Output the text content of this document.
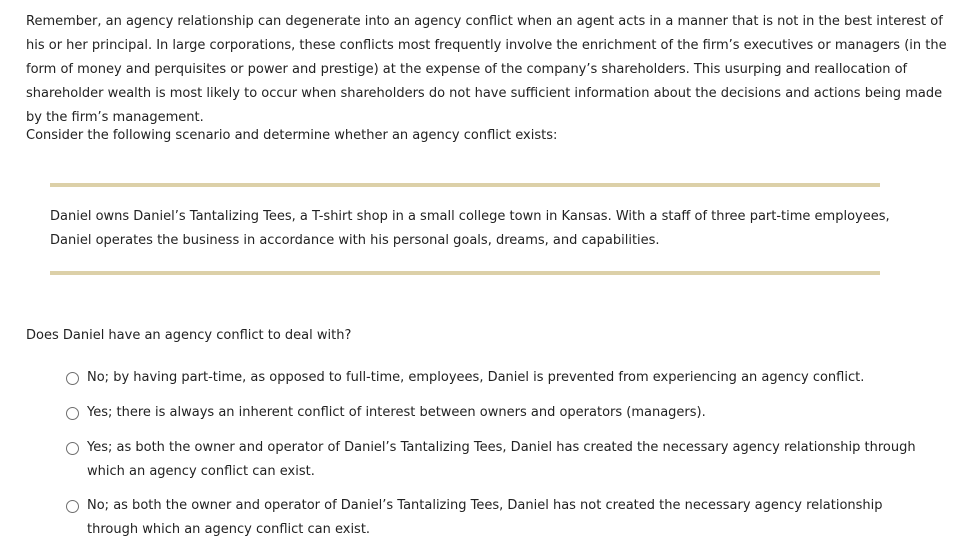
Remember, an agency relationship can degenerate into an agency conflict when an agent acts in a manner that is not in the best interest of his or her principal. In large corporations, these conflicts most frequently involve the enrichment of the firm’s executives or managers (in the form of money and perquisites or power and prestige) at the expense of the company’s shareholders. This usurping and reallocation of shareholder wealth is most likely to occur when shareholders do not have sufficient information about the decisions and actions being made by the firm’s management.

Consider the following scenario and determine whether an agency conflict exists:

Daniel owns Daniel’s Tantalizing Tees, a T-shirt shop in a small college town in Kansas. With a staff of three part-time employees, Daniel operates the business in accordance with his personal goals, dreams, and capabilities.

Does Daniel have an agency conflict to deal with?

No; by having part-time, as opposed to full-time, employees, Daniel is prevented from experiencing an agency conflict.
Yes; there is always an inherent conflict of interest between owners and operators (managers).
Yes; as both the owner and operator of Daniel’s Tantalizing Tees, Daniel has created the necessary agency relationship through which an agency conflict can exist.
No; as both the owner and operator of Daniel’s Tantalizing Tees, Daniel has not created the necessary agency relationship through which an agency conflict can exist.
